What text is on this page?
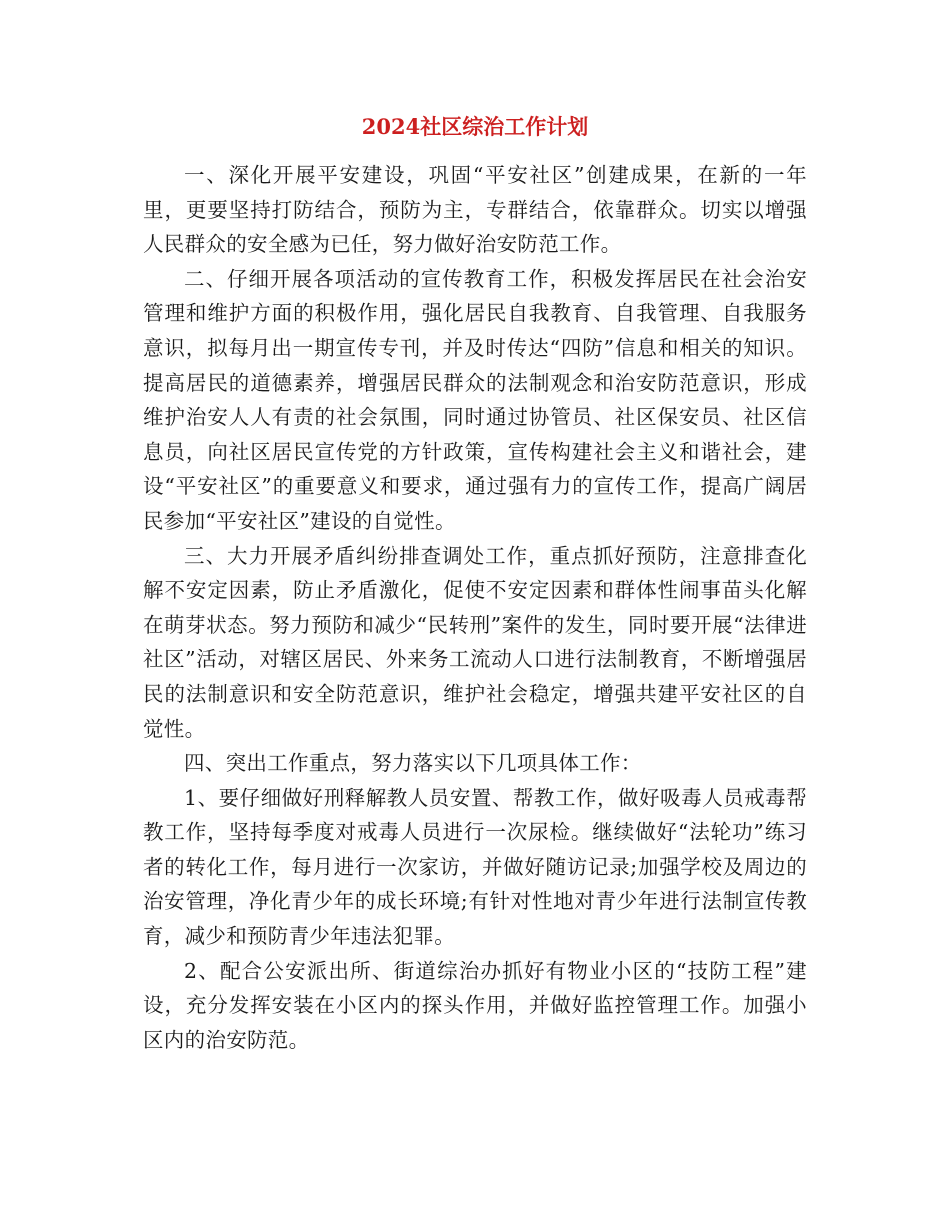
2024社区综治工作计划

一、深化开展平安建设，巩固“平安社区”创建成果，在新的一年里，更要坚持打防结合，预防为主，专群结合，依靠群众。切实以增强人民群众的安全感为已任，努力做好治安防范工作。

二、仔细开展各项活动的宣传教育工作，积极发挥居民在社会治安管理和维护方面的积极作用，强化居民自我教育、自我管理、自我服务意识，拟每月出一期宣传专刊，并及时传达“四防”信息和相关的知识。提高居民的道德素养，增强居民群众的法制观念和治安防范意识，形成维护治安人人有责的社会氛围，同时通过协管员、社区保安员、社区信息员，向社区居民宣传党的方针政策，宣传构建社会主义和谐社会，建设“平安社区”的重要意义和要求，通过强有力的宣传工作，提高广阔居民参加“平安社区”建设的自觉性。

三、大力开展矛盾纠纷排查调处工作，重点抓好预防，注意排查化解不安定因素，防止矛盾激化，促使不安定因素和群体性闹事苗头化解在萌芽状态。努力预防和减少“民转刑”案件的发生，同时要开展“法律进社区”活动，对辖区居民、外来务工流动人口进行法制教育，不断增强居民的法制意识和安全防范意识，维护社会稳定，增强共建平安社区的自觉性。

四、突出工作重点，努力落实以下几项具体工作：

1、要仔细做好刑释解教人员安置、帮教工作，做好吸毒人员戒毒帮教工作，坚持每季度对戒毒人员进行一次尿检。继续做好“法轮功”练习者的转化工作，每月进行一次家访，并做好随访记录;加强学校及周边的治安管理，净化青少年的成长环境;有针对性地对青少年进行法制宣传教育，减少和预防青少年违法犯罪。

2、配合公安派出所、街道综治办抓好有物业小区的“技防工程”建设，充分发挥安装在小区内的探头作用，并做好监控管理工作。加强小区内的治安防范。
